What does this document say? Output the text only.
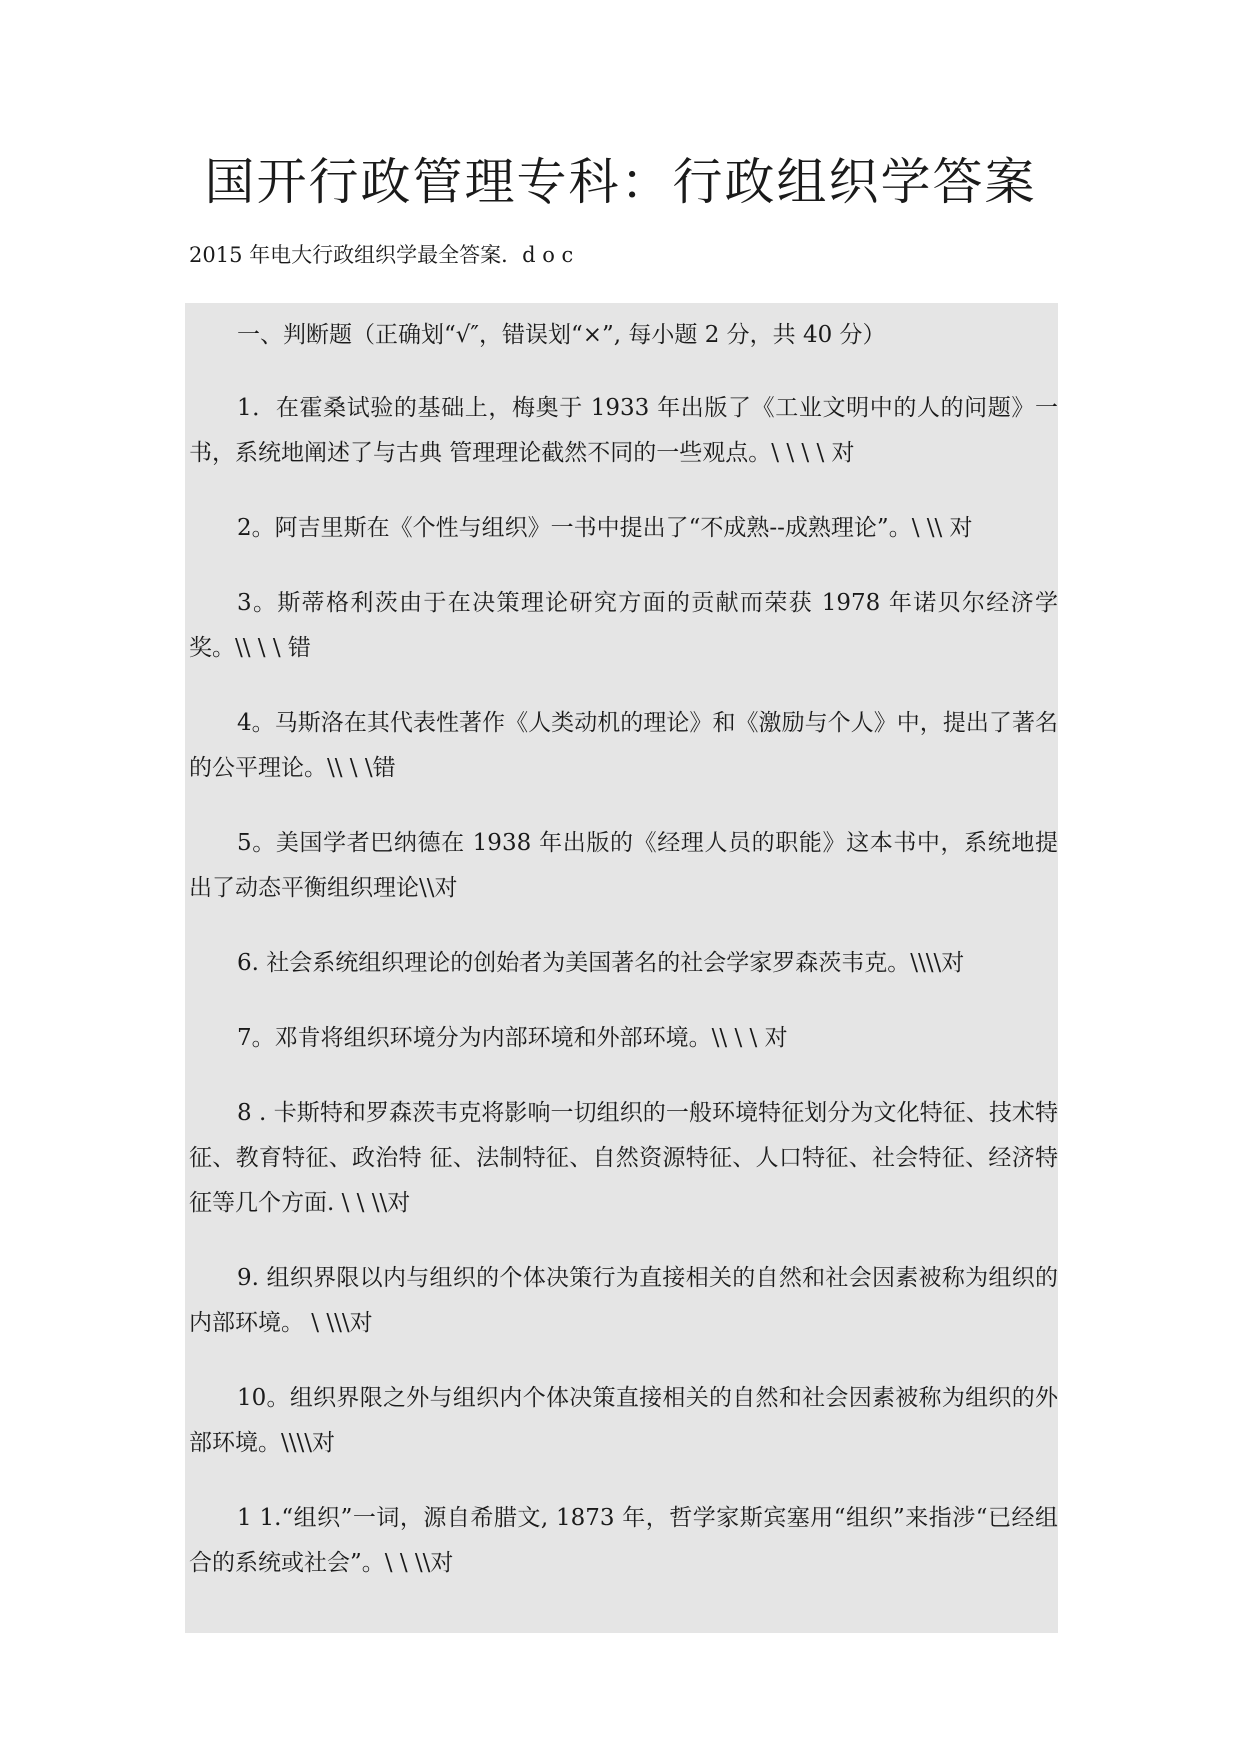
国开行政管理专科：行政组织学答案

2015 年电大行政组织学最全答案．d o c

一、判断题（正确划“√″，错误划“×”, 每小题 2 分，共 40 分）

1．在霍桑试验的基础上，梅奥于 1933 年出版了《工业文明中的人的问题》一书，系统地阐述了与古典 管理理论截然不同的一些观点。\ \ \ \ 对

2。阿吉里斯在《个性与组织》一书中提出了“不成熟--成熟理论”。\ \\ 对

3。斯蒂格利茨由于在决策理论研究方面的贡献而荣获 1978 年诺贝尔经济学奖。\\ \ \ 错

4。马斯洛在其代表性著作《人类动机的理论》和《激励与个人》中，提出了著名的公平理论。\\ \ \错

5。美国学者巴纳德在 1938 年出版的《经理人员的职能》这本书中，系统地提出了动态平衡组织理论\\对

6. 社会系统组织理论的创始者为美国著名的社会学家罗森茨韦克。\\\\对

7。邓肯将组织环境分为内部环境和外部环境。\\ \ \ 对

8 . 卡斯特和罗森茨韦克将影响一切组织的一般环境特征划分为文化特征、技术特征、教育特征、政治特 征、法制特征、自然资源特征、人口特征、社会特征、经济特征等几个方面. \ \ \\对

9. 组织界限以内与组织的个体决策行为直接相关的自然和社会因素被称为组织的内部环境。 \ \\\对

10。组织界限之外与组织内个体决策直接相关的自然和社会因素被称为组织的外部环境。\\\\对

1 1.“组织”一词，源自希腊文, 1873 年，哲学家斯宾塞用“组织”来指涉“已经组合的系统或社会”。\ \ \\对
